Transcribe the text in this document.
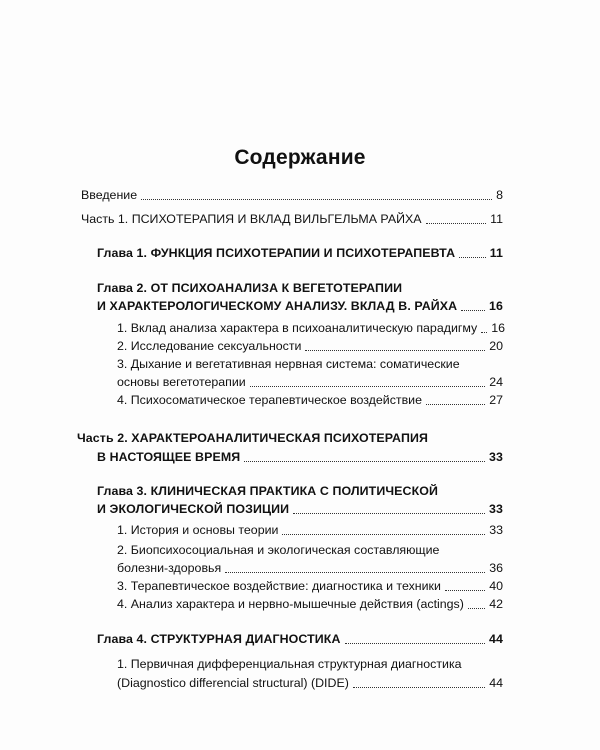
Содержание
Введение	8
Часть 1. ПСИХОТЕРАПИЯ И ВКЛАД ВИЛЬГЕЛЬМА РАЙХА	11
Глава 1. ФУНКЦИЯ ПСИХОТЕРАПИИ И ПСИХОТЕРАПЕВТА	11
Глава 2. ОТ ПСИХОАНАЛИЗА К ВЕГЕТОТЕРАПИИ
И ХАРАКТЕРОЛОГИЧЕСКОМУ АНАЛИЗУ. ВКЛАД В. РАЙХА	16
1. Вклад анализа характера в психоаналитическую парадигму 16
2. Исследование сексуальности	20
3. Дыхание и вегетативная нервная система: соматические
основы вегетотерапии	24
4. Психосоматическое терапевтическое воздействие	27
Часть 2. ХАРАКТЕРОАНАЛИТИЧЕСКАЯ ПСИХОТЕРАПИЯ
В НАСТОЯЩЕЕ ВРЕМЯ	33
Глава 3. КЛИНИЧЕСКАЯ ПРАКТИКА С ПОЛИТИЧЕСКОЙ
И ЭКОЛОГИЧЕСКОЙ ПОЗИЦИИ	33
1. История и основы теории	33
2. Биопсихосоциальная и экологическая составляющие
болезни-здоровья	36
3. Терапевтическое воздействие: диагностика и техники	40
4. Анализ характера и нервно-мышечные действия (actings) 42
Глава 4. СТРУКТУРНАЯ ДИАГНОСТИКА	44
1. Первичная дифференциальная структурная диагностика
(Diagnostico differencial structural) (DIDE)	44
